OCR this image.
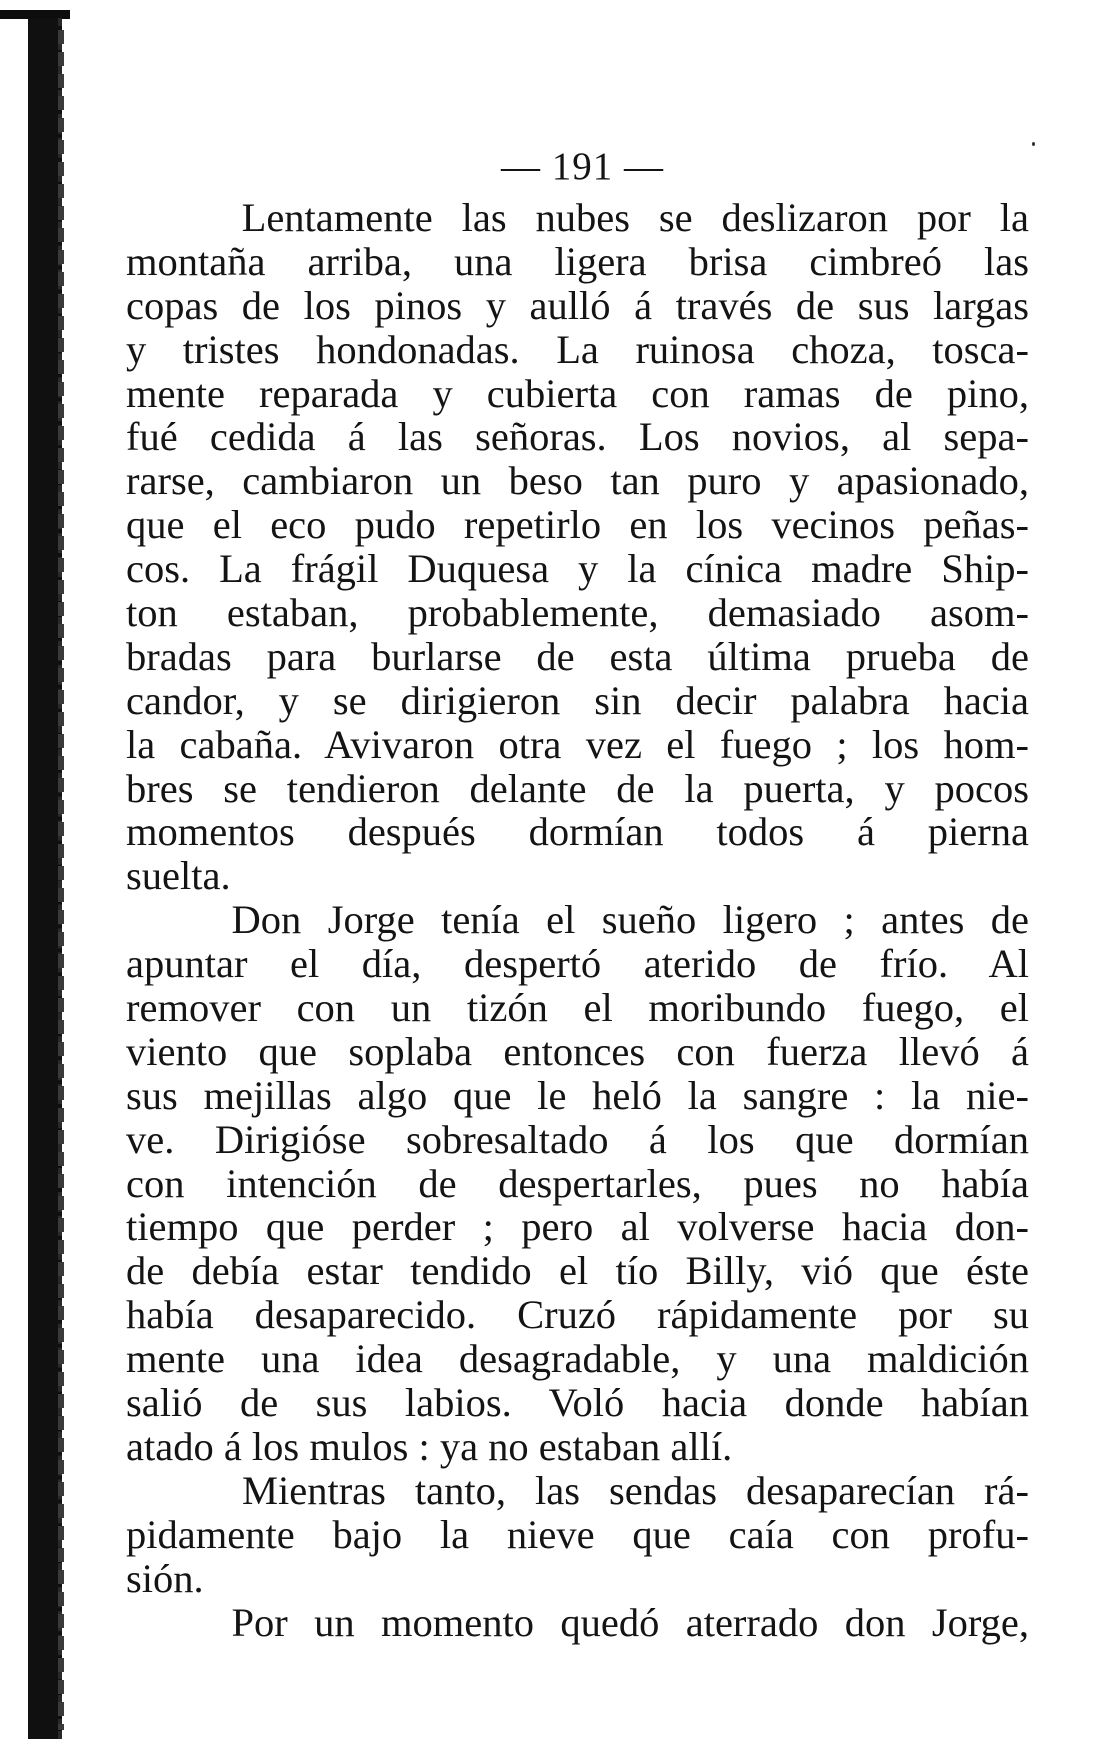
— 191 —
Lentamente las nubes se deslizaron por la
montaña arriba, una ligera brisa cimbreó las
copas de los pinos y aulló á través de sus largas
y tristes hondonadas. La ruinosa choza, tosca-
mente reparada y cubierta con ramas de pino,
fué cedida á las señoras. Los novios, al sepa-
rarse, cambiaron un beso tan puro y apasionado,
que el eco pudo repetirlo en los vecinos peñas-
cos. La frágil Duquesa y la cínica madre Ship-
ton estaban, probablemente, demasiado asom-
bradas para burlarse de esta última prueba de
candor, y se dirigieron sin decir palabra hacia
la cabaña. Avivaron otra vez el fuego ; los hom-
bres se tendieron delante de la puerta, y pocos
momentos después dormían todos á pierna
suelta.
Don Jorge tenía el sueño ligero ; antes de
apuntar el día, despertó aterido de frío. Al
remover con un tizón el moribundo fuego, el
viento que soplaba entonces con fuerza llevó á
sus mejillas algo que le heló la sangre : la nie-
ve. Dirigióse sobresaltado á los que dormían
con intención de despertarles, pues no había
tiempo que perder ; pero al volverse hacia don-
de debía estar tendido el tío Billy, vió que éste
había desaparecido. Cruzó rápidamente por su
mente una idea desagradable, y una maldición
salió de sus labios. Voló hacia donde habían
atado á los mulos : ya no estaban allí.
Mientras tanto, las sendas desaparecían rá-
pidamente bajo la nieve que caía con profu-
sión.
Por un momento quedó aterrado don Jorge,
